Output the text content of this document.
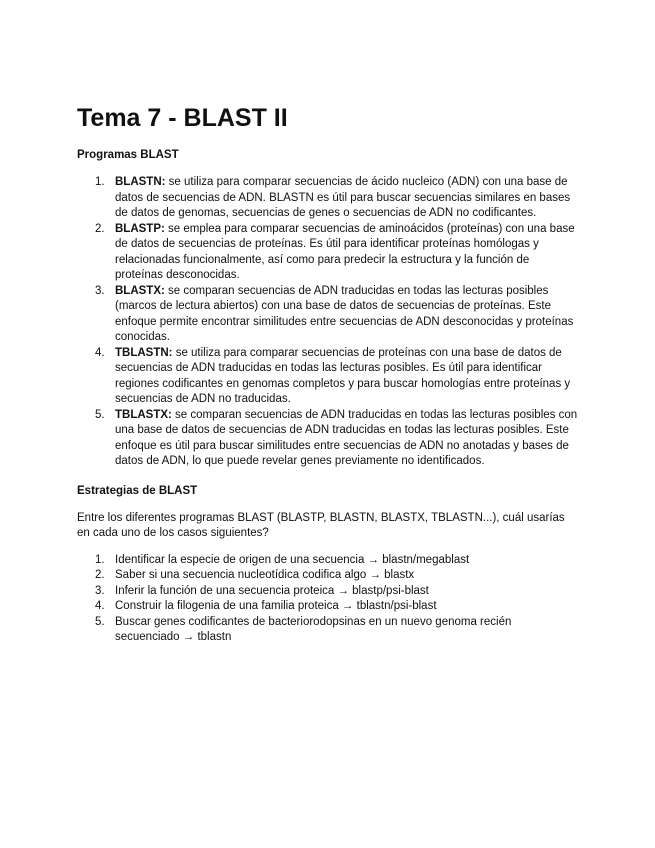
Tema 7 - BLAST II
Programas BLAST
1. BLASTN: se utiliza para comparar secuencias de ácido nucleico (ADN) con una base de datos de secuencias de ADN. BLASTN es útil para buscar secuencias similares en bases de datos de genomas, secuencias de genes o secuencias de ADN no codificantes.
2. BLASTP: se emplea para comparar secuencias de aminoácidos (proteínas) con una base de datos de secuencias de proteínas. Es útil para identificar proteínas homólogas y relacionadas funcionalmente, así como para predecir la estructura y la función de proteínas desconocidas.
3. BLASTX: se comparan secuencias de ADN traducidas en todas las lecturas posibles (marcos de lectura abiertos) con una base de datos de secuencias de proteínas. Este enfoque permite encontrar similitudes entre secuencias de ADN desconocidas y proteínas conocidas.
4. TBLASTN: se utiliza para comparar secuencias de proteínas con una base de datos de secuencias de ADN traducidas en todas las lecturas posibles. Es útil para identificar regiones codificantes en genomas completos y para buscar homologías entre proteínas y secuencias de ADN no traducidas.
5. TBLASTX: se comparan secuencias de ADN traducidas en todas las lecturas posibles con una base de datos de secuencias de ADN traducidas en todas las lecturas posibles. Este enfoque es útil para buscar similitudes entre secuencias de ADN no anotadas y bases de datos de ADN, lo que puede revelar genes previamente no identificados.
Estrategias de BLAST

Entre los diferentes programas BLAST (BLASTP, BLASTN, BLASTX, TBLASTN...), cuál usarías en cada uno de los casos siguientes?

1. Identificar la especie de origen de una secuencia → blastn/megablast
2. Saber si una secuencia nucleotídica codifica algo → blastx
3. Inferir la función de una secuencia proteica → blastp/psi-blast
4. Construir la filogenia de una familia proteica → tblastn/psi-blast
5. Buscar genes codificantes de bacteriorodopsinas en un nuevo genoma recién secuenciado → tblastn
